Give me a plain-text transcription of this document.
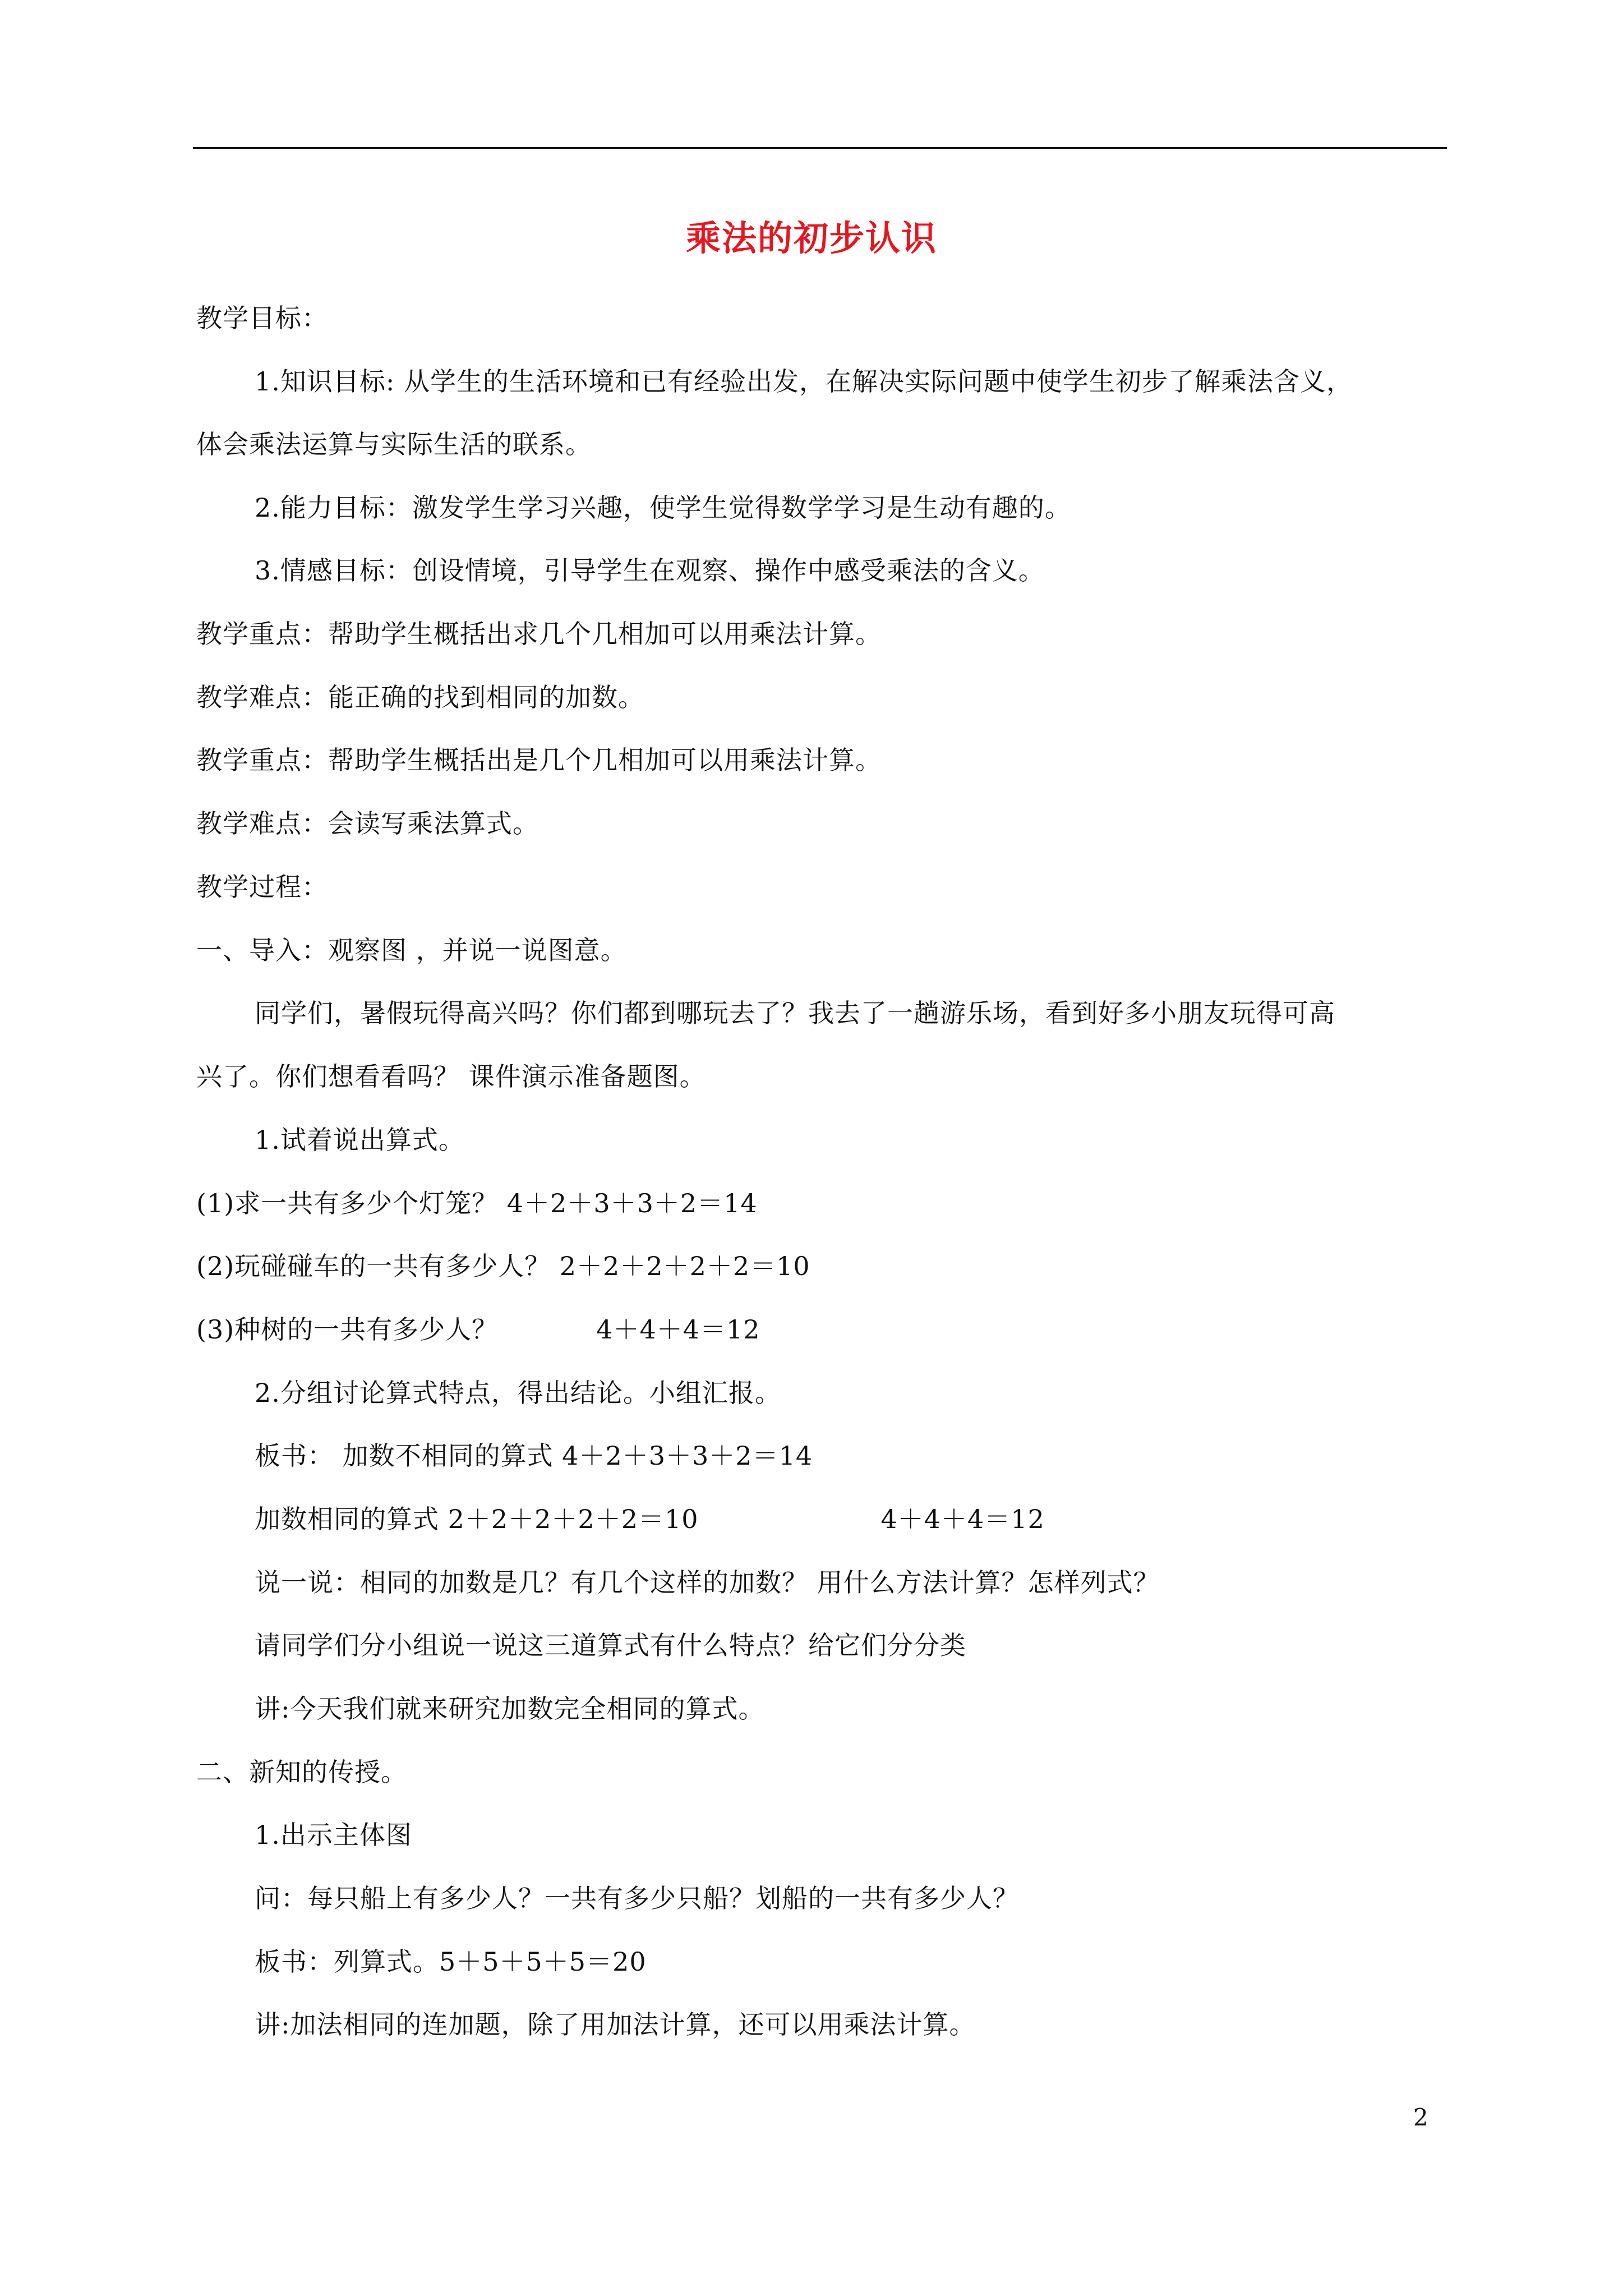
乘法的初步认识
教学目标：
1.知识目标: 从学生的生活环境和已有经验出发，在解决实际问题中使学生初步了解乘法含义，
体会乘法运算与实际生活的联系。
2.能力目标：激发学生学习兴趣，使学生觉得数学学习是生动有趣的。
3.情感目标：创设情境，引导学生在观察、操作中感受乘法的含义。
教学重点：帮助学生概括出求几个几相加可以用乘法计算。
教学难点：能正确的找到相同的加数。
教学重点：帮助学生概括出是几个几相加可以用乘法计算。
教学难点：会读写乘法算式。
教学过程：
一、导入：观察图 ，并说一说图意。
同学们，暑假玩得高兴吗？你们都到哪玩去了？我去了一趟游乐场，看到好多小朋友玩得可高
兴了。你们想看看吗？ 课件演示准备题图。
1.试着说出算式。
(1)求一共有多少个灯笼？ 4＋2＋3＋3＋2＝14
(2)玩碰碰车的一共有多少人？ 2＋2＋2＋2＋2＝10
(3)种树的一共有多少人？	4＋4＋4＝12
2.分组讨论算式特点，得出结论。小组汇报。
板书： 加数不相同的算式 4＋2＋3＋3＋2＝14
加数相同的算式 2＋2＋2＋2＋2＝10	4＋4＋4＝12
说一说：相同的加数是几？有几个这样的加数？ 用什么方法计算？怎样列式？
请同学们分小组说一说这三道算式有什么特点？给它们分分类
讲:今天我们就来研究加数完全相同的算式。
二、新知的传授。
1.出示主体图
问：每只船上有多少人？一共有多少只船？划船的一共有多少人？
板书：列算式。5＋5＋5＋5＝20
讲:加法相同的连加题，除了用加法计算，还可以用乘法计算。
2
